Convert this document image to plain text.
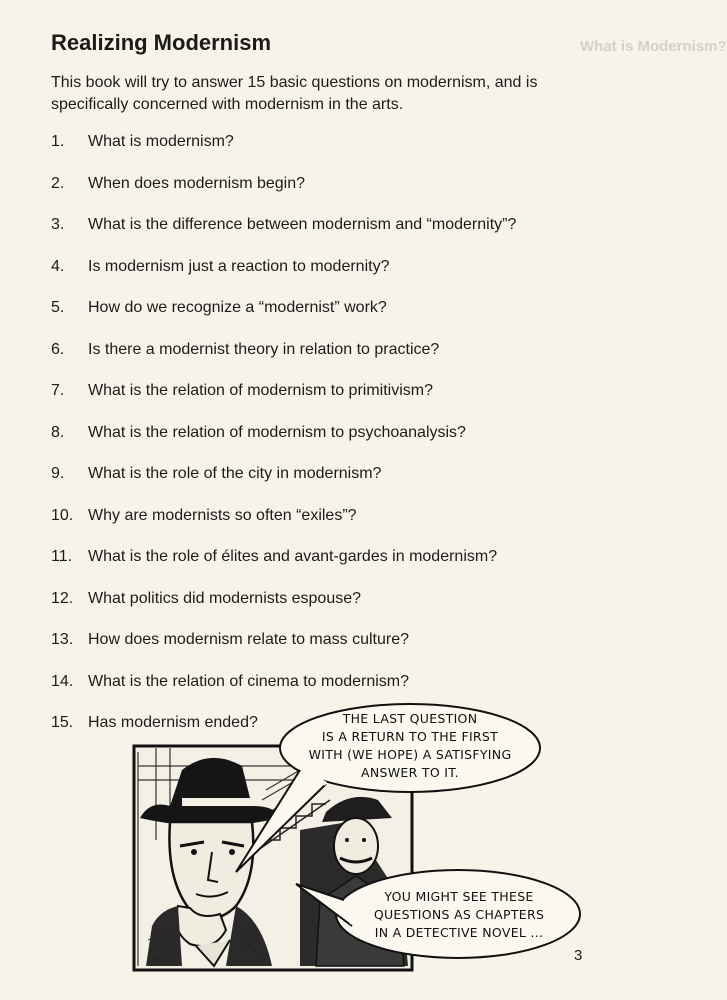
What is Modernism?
Realizing Modernism

This book will try to answer 15 basic questions on modernism, and is specifically concerned with modernism in the arts.

1.	What is modernism?
2.	When does modernism begin?
3.	What is the difference between modernism and “modernity”?
4.	Is modernism just a reaction to modernity?
5.	How do we recognize a “modernist” work?
6.	Is there a modernist theory in relation to practice?
7.	What is the relation of modernism to primitivism?
8.	What is the relation of modernism to psychoanalysis?
9.	What is the role of the city in modernism?
10. Why are modernists so often “exiles”?
11. What is the role of élites and avant-gardes in modernism?
12. What politics did modernists espouse?
13. How does modernism relate to mass culture?
14. What is the relation of cinema to modernism?
15. Has modernism ended?	THE LAST QUESTION
IS A RETURN TO THE FIRST
WITH (WE HOPE) A SATISFYING
ANSWER TO IT.
YOU MIGHT SEE THESE
QUESTIONS AS CHAPTERS
IN A DETECTIVE NOVEL ...
3
